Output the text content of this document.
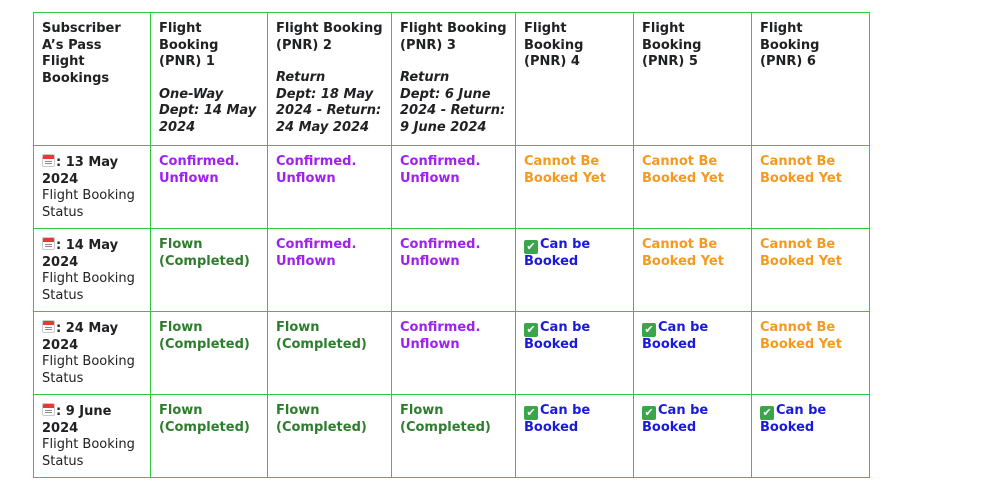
Subscriber A’s Pass Flight Bookings	Flight Booking (PNR) 1
One-Way
Dept: 14 May 2024	Flight Booking (PNR) 2
Return
Dept: 18 May 2024 - Return: 24 May 2024	Flight Booking (PNR) 3
Return
Dept: 6 June 2024 - Return: 9 June 2024	Flight Booking (PNR) 4	Flight Booking (PNR) 5	Flight Booking (PNR) 6

: 13 May 2024
Flight Booking Status	Confirmed. Unflown	Confirmed. Unflown	Confirmed. Unflown	Cannot Be Booked Yet	Cannot Be Booked Yet	Cannot Be Booked Yet

: 14 May 2024
Flight Booking Status	Flown (Completed)	Confirmed. Unflown	Confirmed. Unflown	✔ Can be Booked	Cannot Be Booked Yet	Cannot Be Booked Yet

: 24 May 2024
Flight Booking Status	Flown (Completed)	Flown (Completed)	Confirmed. Unflown	✔ Can be Booked	✔ Can be Booked	Cannot Be Booked Yet

: 9 June 2024
Flight Booking Status	Flown (Completed)	Flown (Completed)	Flown (Completed)	✔ Can be Booked	✔ Can be Booked	✔ Can be Booked
